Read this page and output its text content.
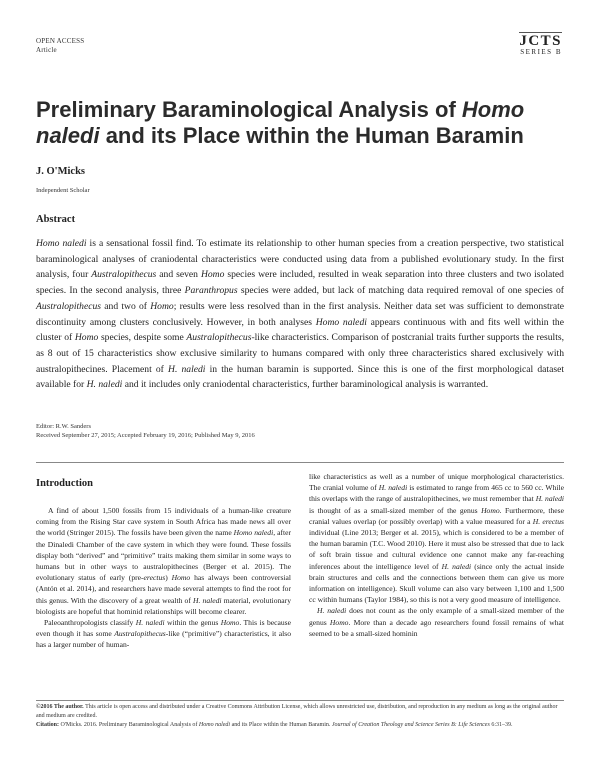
OPEN ACCESS
Article
JCTS
SERIES B
Preliminary Baraminological Analysis of Homo naledi and its Place within the Human Baramin
J. O'Micks
Independent Scholar
Abstract
Homo naledi is a sensational fossil find. To estimate its relationship to other human species from a creation perspective, two statistical baraminological analyses of craniodental characteristics were conducted using data from a published evolutionary study. In the first analysis, four Australopithecus and seven Homo species were included, resulted in weak separation into three clusters and two isolated species. In the second analysis, three Paranthropus species were added, but lack of matching data required removal of one species of Australopithecus and two of Homo; results were less resolved than in the first analysis. Neither data set was sufficient to demonstrate discontinuity among clusters conclusively. However, in both analyses Homo naledi appears continuous with and fits well within the cluster of Homo species, despite some Australopithecus-like characteristics. Comparison of postcranial traits further supports the results, as 8 out of 15 characteristics show exclusive similarity to humans compared with only three characteristics shared exclusively with australopithecines. Placement of H. naledi in the human baramin is supported. Since this is one of the first morphological dataset available for H. naledi and it includes only craniodental characteristics, further baraminological analysis is warranted.
Editor: R.W. Sanders
Received September 27, 2015; Accepted February 19, 2016; Published May 9, 2016
Introduction

A find of about 1,500 fossils from 15 individuals of a human-like creature coming from the Rising Star cave system in South Africa has made news all over the world (Stringer 2015). The fossils have been given the name Homo naledi, after the Dinaledi Chamber of the cave system in which they were found. These fossils display both “derived” and “primitive” traits making them similar in some ways to humans but in other ways to australopithecines (Berger et al. 2015). The evolutionary status of early (pre-erectus) Homo has always been controversial (Antón et al. 2014), and researchers have made several attempts to find the root for this genus. With the discovery of a great wealth of H. naledi material, evolutionary biologists are hopeful that hominid relationships will become clearer.

Paleoanthropologists classify H. naledi within the genus Homo. This is because even though it has some Australopithecus-like (“primitive”) characteristics, it also has a larger number of human-

like characteristics as well as a number of unique morphological characteristics. The cranial volume of H. naledi is estimated to range from 465 cc to 560 cc. While this overlaps with the range of australopithecines, we must remember that H. naledi is thought of as a small-sized member of the genus Homo. Furthermore, these cranial values overlap (or possibly overlap) with a value measured for a H. erectus individual (Line 2013; Berger et al. 2015), which is considered to be a member of the human baramin (T.C. Wood 2010). Here it must also be stressed that due to lack of soft brain tissue and cultural evidence one cannot make any far-reaching inferences about the intelligence level of H. naledi (since only the actual inside brain structures and cells and the connections between them can give us more information on intelligence). Skull volume can also vary between 1,100 and 1,500 cc within humans (Taylor 1984), so this is not a very good measure of intelligence.

H. naledi does not count as the only example of a small-sized member of the genus Homo. More than a decade ago researchers found fossil remains of what seemed to be a small-sized hominin

©2016 The author. This article is open access and distributed under a Creative Commons Attribution License, which allows unrestricted use, distribution, and reproduction in any medium as long as the original author and medium are credited.
Citation: O'Micks. 2016. Preliminary Baraminological Analysis of Homo naledi and its Place within the Human Baramin. Journal of Creation Theology and Science Series B: Life Sciences 6:31–39.
